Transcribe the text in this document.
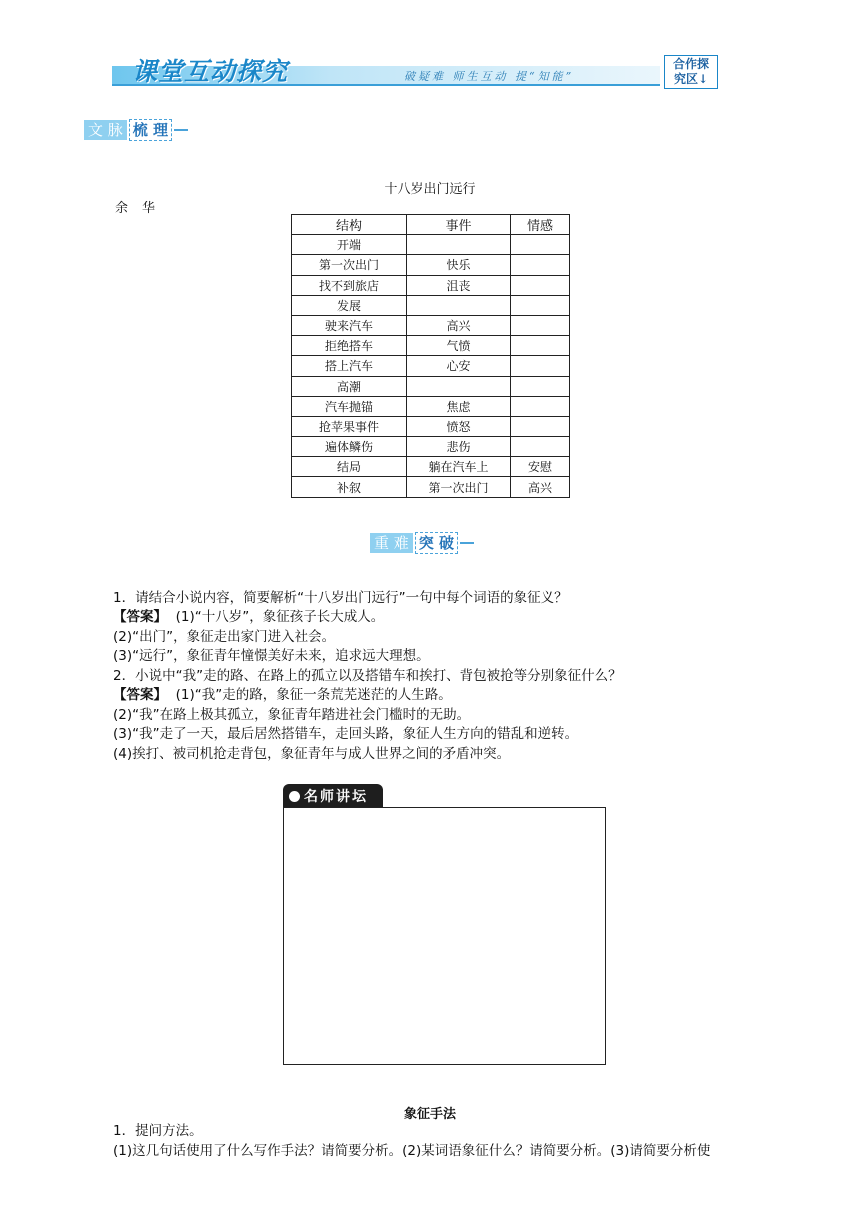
课堂互动探究	破疑难 师生互动 提“知能”
合作探
究区↓
文 脉 梳 理
十八岁出门远行
余华
结构	事件	情感
开端		
第一次出门	快乐	
找不到旅店	沮丧	
发展		
驶来汽车	高兴	
拒绝搭车	气愤	
搭上汽车	心安	
高潮		
汽车抛锚	焦虑	
抢苹果事件	愤怒	
遍体鳞伤	悲伤	
结局	躺在汽车上	安慰
补叙	第一次出门	高兴
重 难 突 破
1．请结合小说内容，简要解析“十八岁出门远行”一句中每个词语的象征义？
【答案】 (1)“十八岁”，象征孩子长大成人。
(2)“出门”，象征走出家门进入社会。
(3)“远行”，象征青年憧憬美好未来，追求远大理想。
2．小说中“我”走的路、在路上的孤立以及搭错车和挨打、背包被抢等分别象征什么？
【答案】 (1)“我”走的路，象征一条荒芜迷茫的人生路。
(2)“我”在路上极其孤立，象征青年踏进社会门槛时的无助。
(3)“我”走了一天，最后居然搭错车，走回头路，象征人生方向的错乱和逆转。
(4)挨打、被司机抢走背包，象征青年与成人世界之间的矛盾冲突。
名师讲坛
象征手法
1．提问方法。
(1)这几句话使用了什么写作手法？请简要分析。(2)某词语象征什么？请简要分析。(3)请简要分析使
